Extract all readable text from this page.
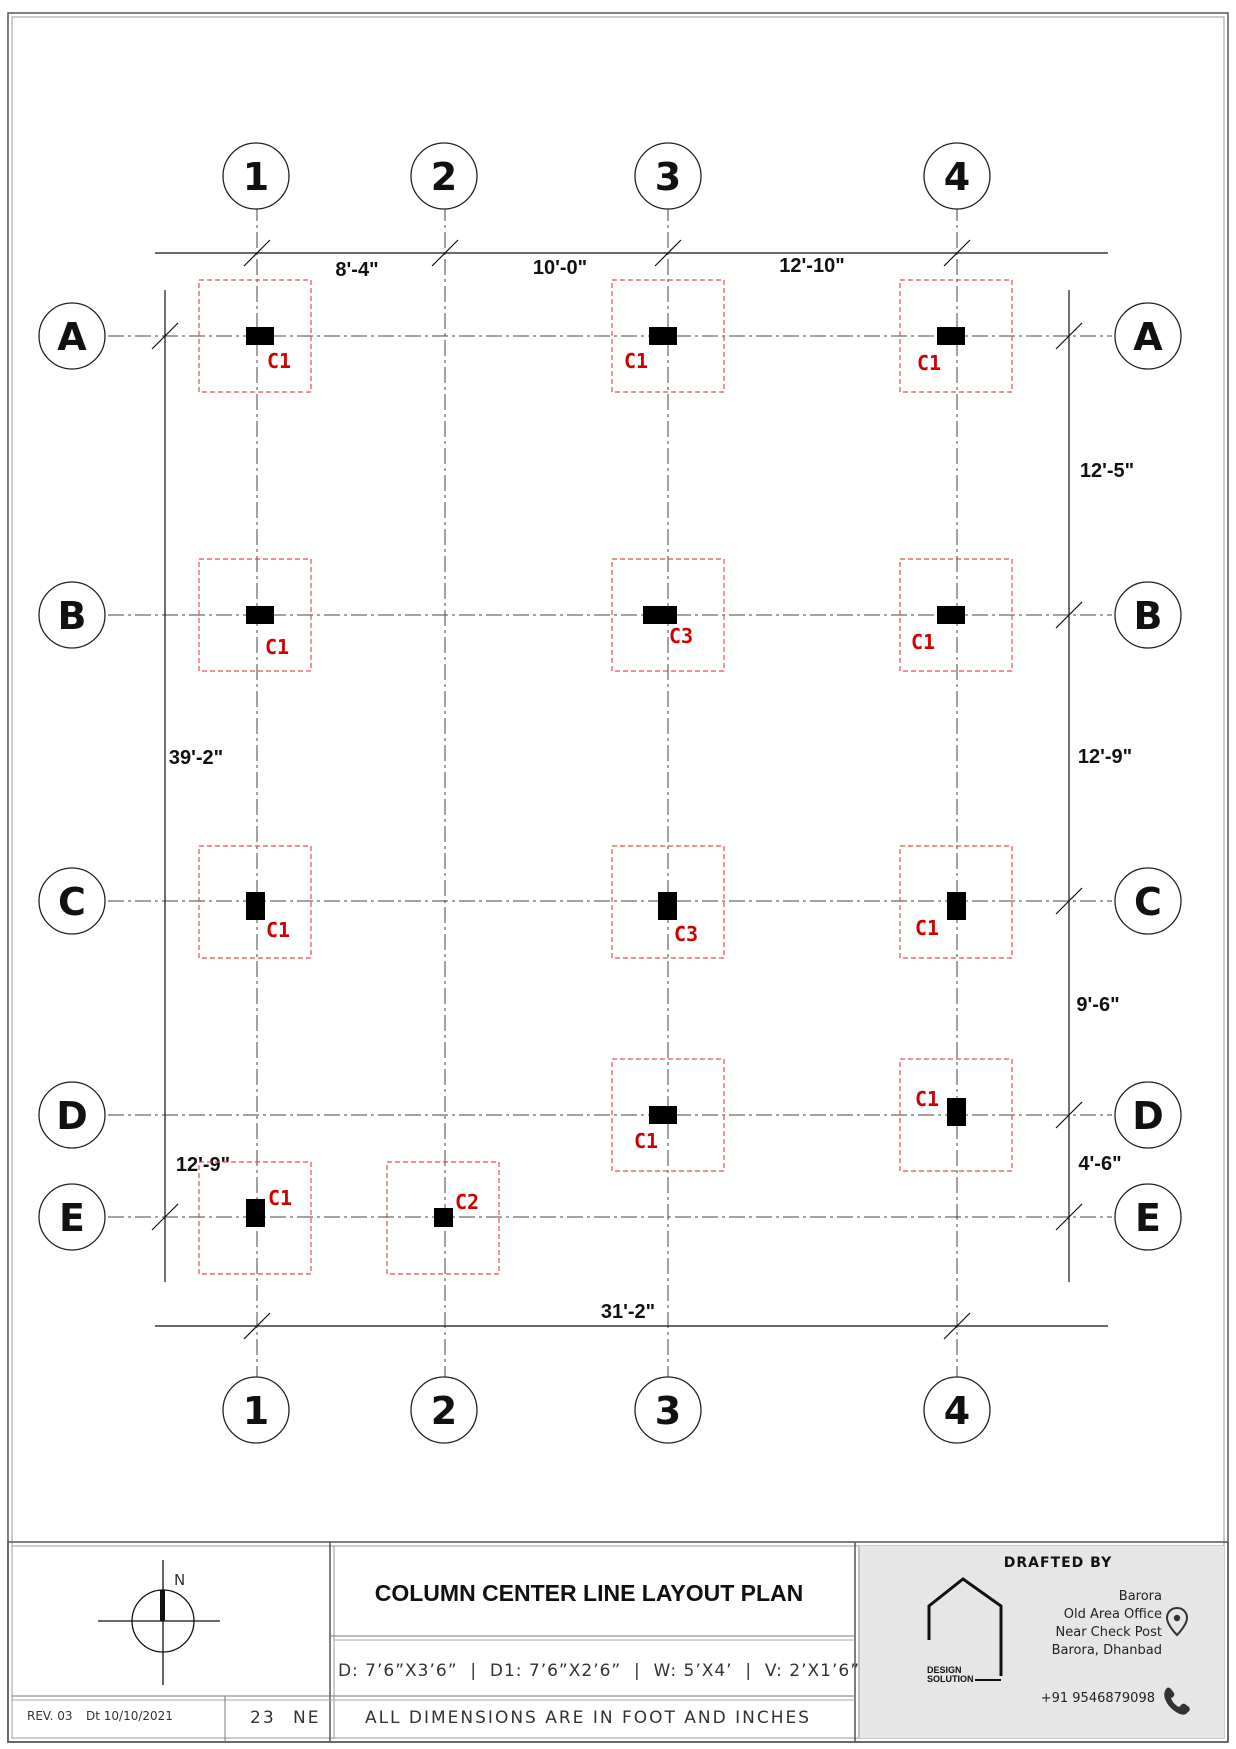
8'-4"	10'-0"	12'-10"
31'-2"
39'-2"
12'-9"
12'-5"
12'-9"
9'-6"
4'-6"
C1	C1	C1
C1	C3	C1
C1	C3	C1
C1
C1
C1	C2
1	2	3	4
1	2	3	4
A
B
C
D
E
A
B
C
D
E
N
REV. 03 Dt 10/10/2021	23 NE
COLUMN CENTER LINE LAYOUT PLAN
D: 7’6”X3’6”  |  D1: 7’6”X2’6”  |  W: 5’X4’  |  V: 2’X1’6”
ALL DIMENSIONS ARE IN FOOT AND INCHES
DRAFTED BY
DESIGN
SOLUTION
Barora
Old Area Office
Near Check Post
Barora, Dhanbad
+91 9546879098
